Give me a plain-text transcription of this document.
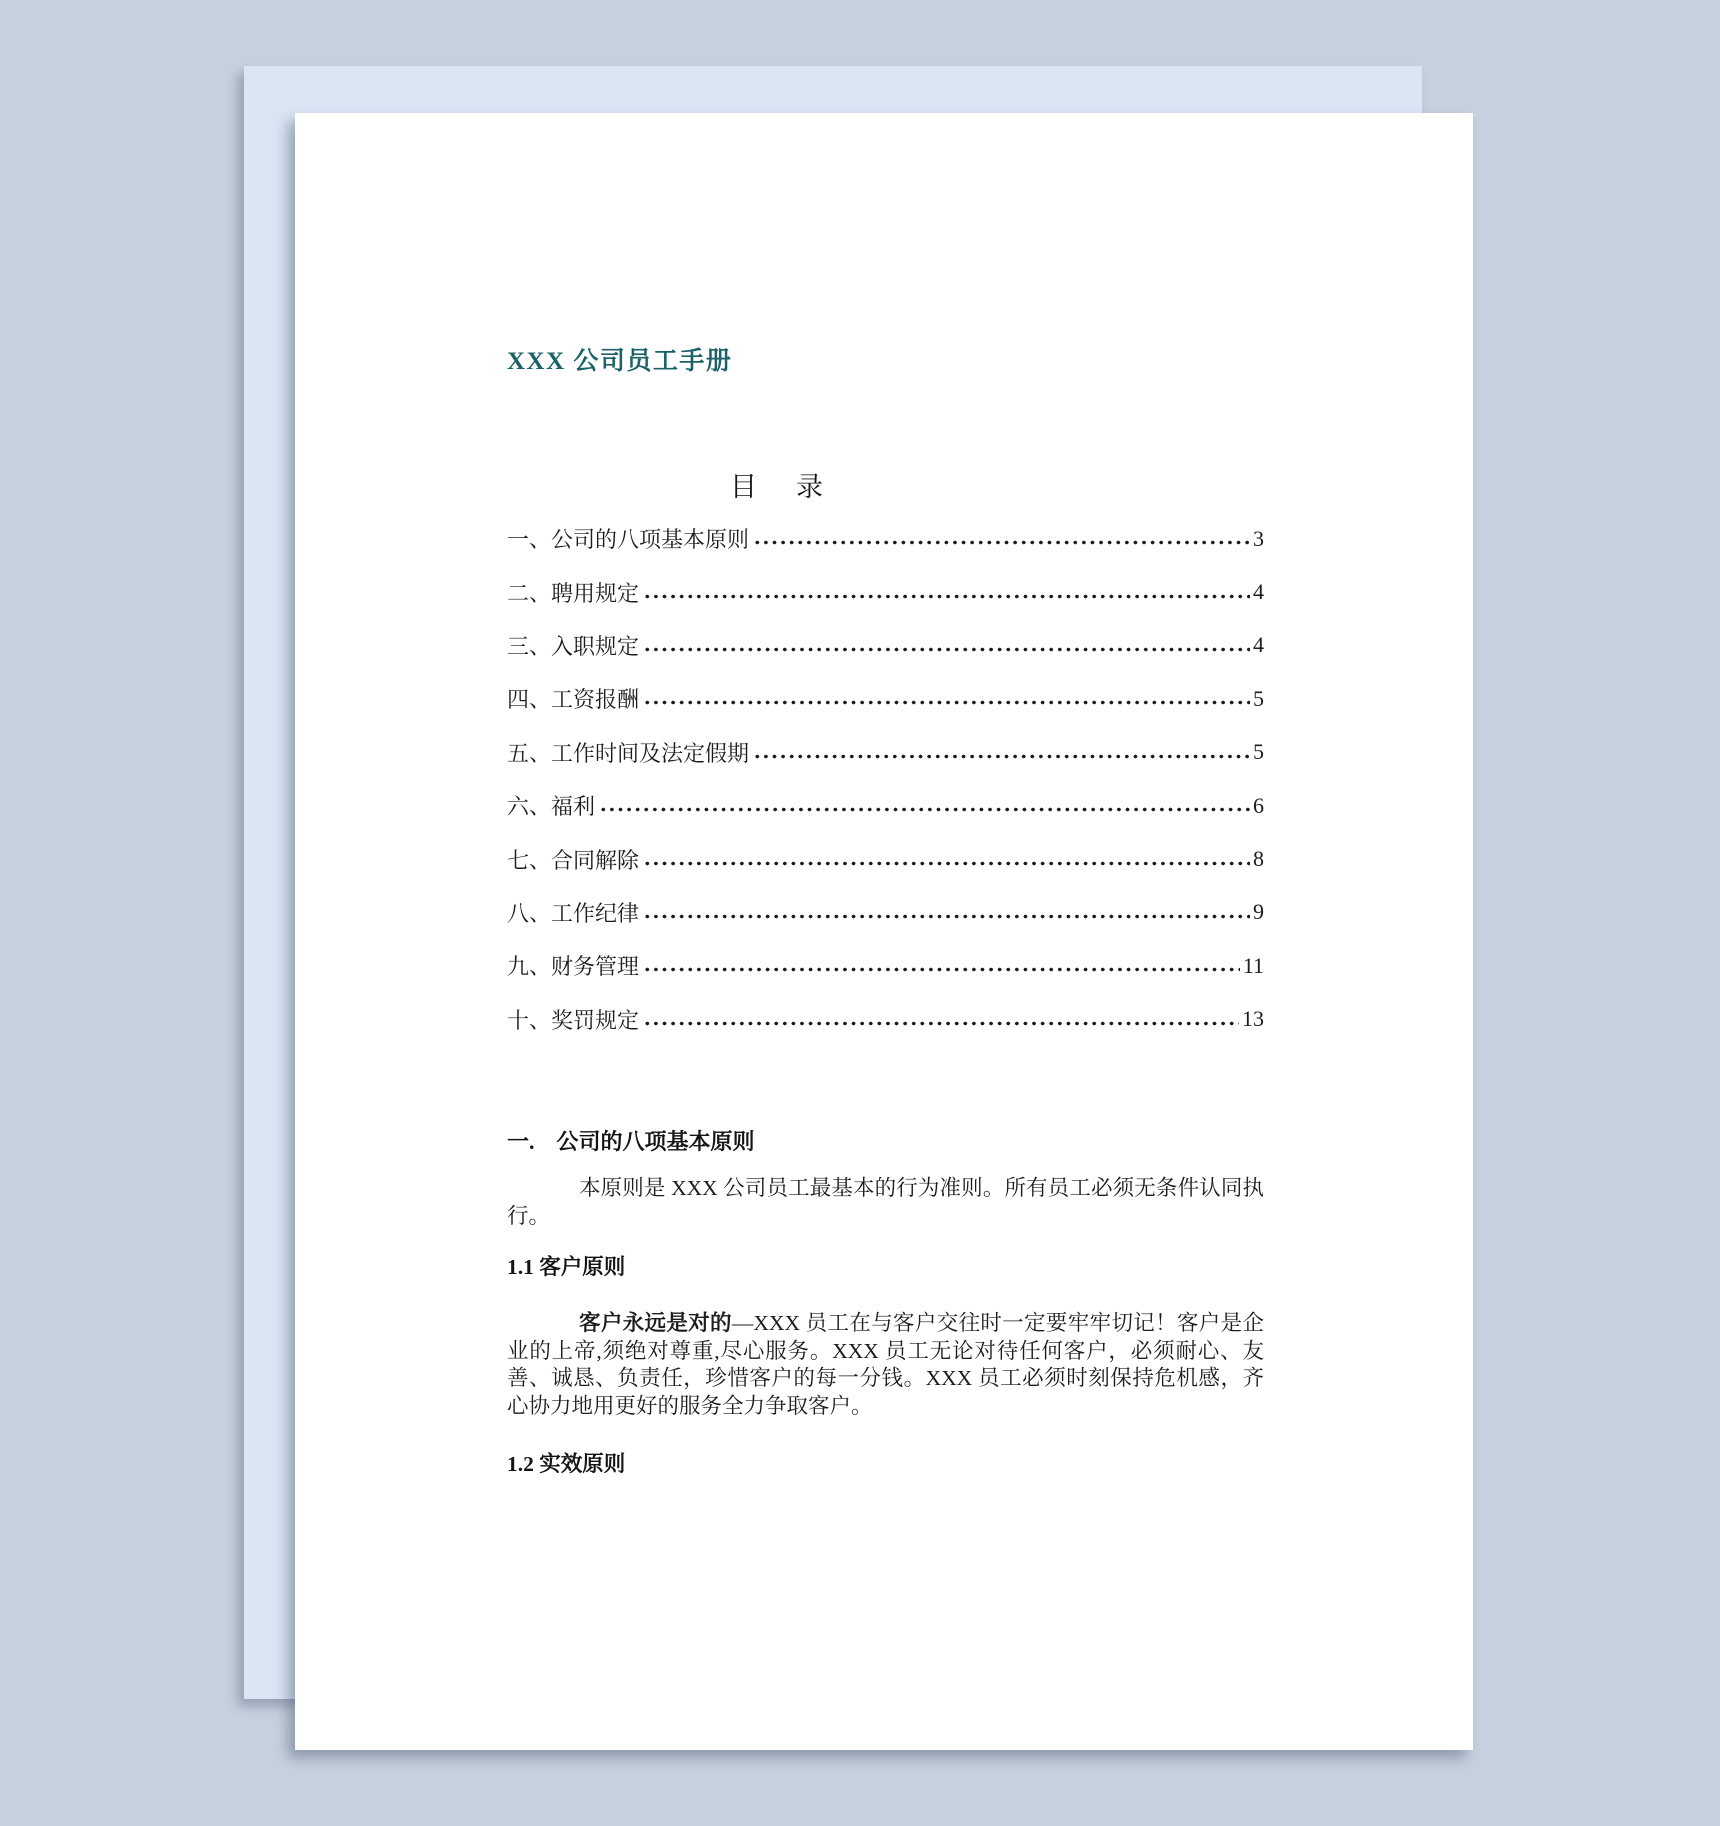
XXX 公司员工手册
目　录
一、公司的八项基本原则	3
二、聘用规定	4
三、入职规定	4
四、工资报酬	5
五、工作时间及法定假期	5
六、福利	6
七、合同解除	8
八、工作纪律	9
九、财务管理	11
十、奖罚规定	13
一.　公司的八项基本原则

本原则是 XXX 公司员工最基本的行为准则。所有员工必须无条件认同执行。

1.1 客户原则

客户永远是对的—XXX 员工在与客户交往时一定要牢牢切记！客户是企业的上帝,须绝对尊重,尽心服务。XXX 员工无论对待任何客户，必须耐心、友善、诚恳、负责任，珍惜客户的每一分钱。XXX 员工必须时刻保持危机感，齐心协力地用更好的服务全力争取客户。

1.2 实效原则
